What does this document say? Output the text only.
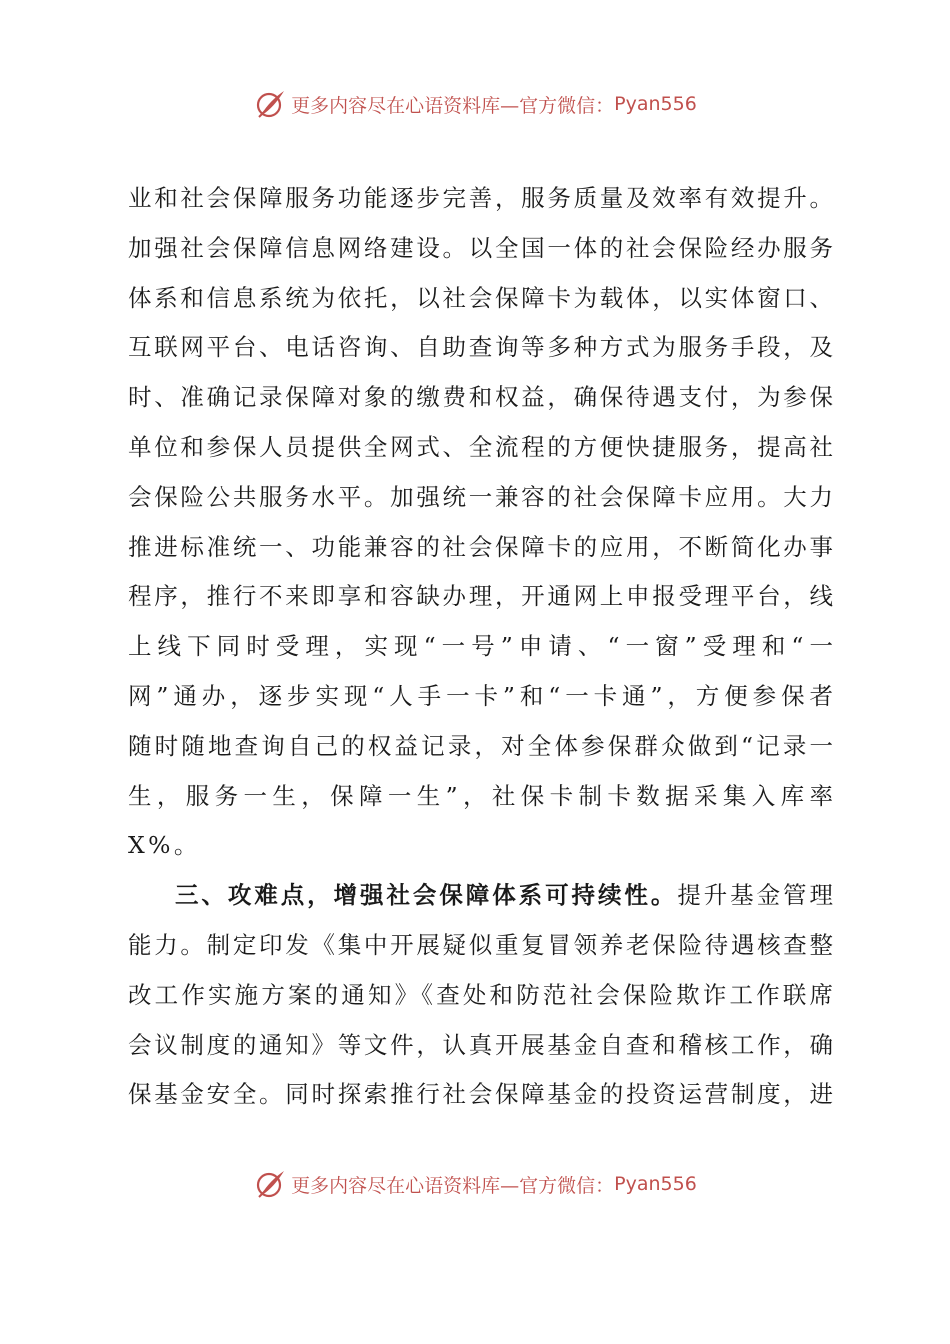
更多内容尽在心语资料库—官方微信： Pyan556
业和社会保障服务功能逐步完善，服务质量及效率有效提升。
加强社会保障信息网络建设。以全国一体的社会保险经办服务
体系和信息系统为依托，以社会保障卡为载体，以实体窗口、
互联网平台、电话咨询、自助查询等多种方式为服务手段，及
时、准确记录保障对象的缴费和权益，确保待遇支付，为参保
单位和参保人员提供全网式、全流程的方便快捷服务，提高社
会保险公共服务水平。加强统一兼容的社会保障卡应用。大力
推进标准统一、功能兼容的社会保障卡的应用，不断简化办事
程序，推行不来即享和容缺办理，开通网上申报受理平台，线
上线下同时受理，实现“一号”申请、“一窗”受理和“一
网”通办，逐步实现“人手一卡”和“一卡通”，方便参保者
随时随地查询自己的权益记录，对全体参保群众做到“记录一
生，服务一生，保障一生”，社保卡制卡数据采集入库率
X%。
三、攻难点，增强社会保障体系可持续性。提升基金管理
能力。制定印发《集中开展疑似重复冒领养老保险待遇核查整
改工作实施方案的通知》《查处和防范社会保险欺诈工作联席
会议制度的通知》等文件，认真开展基金自查和稽核工作，确
保基金安全。同时探索推行社会保障基金的投资运营制度，进
更多内容尽在心语资料库—官方微信： Pyan556
